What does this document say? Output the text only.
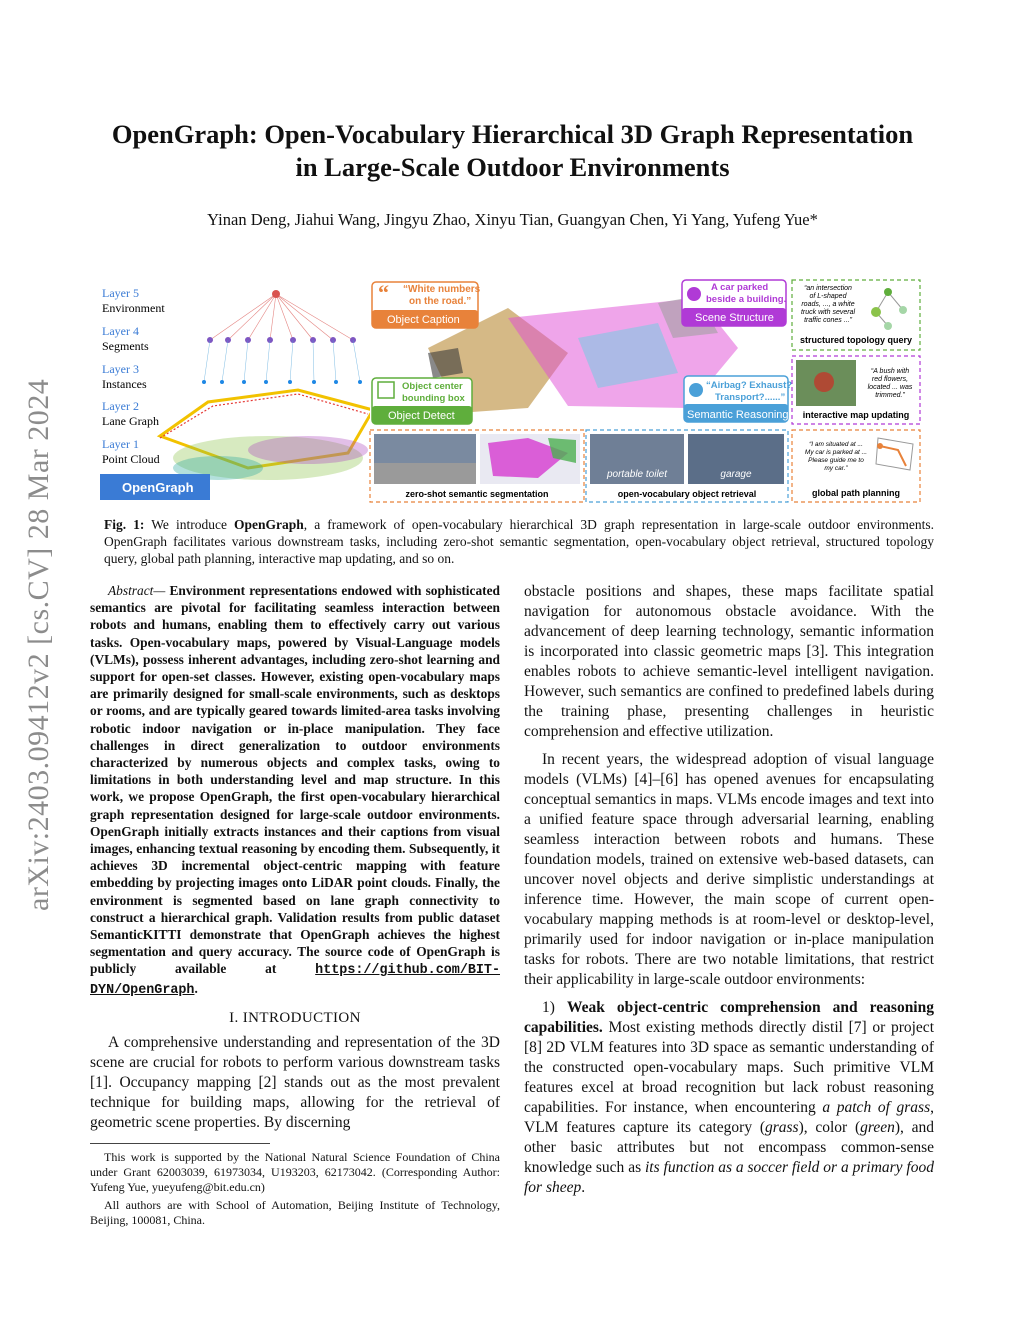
arXiv:2403.09412v2 [cs.CV] 28 Mar 2024
OpenGraph: Open-Vocabulary Hierarchical 3D Graph Representation
in Large-Scale Outdoor Environments
Yinan Deng, Jiahui Wang, Jingyu Zhao, Xinyu Tian, Guangyan Chen, Yi Yang, Yufeng Yue*
Layer 5
Environment
Layer 4
Segments
Layer 3
Instances
Layer 2
Lane Graph
Layer 1
Point Cloud
OpenGraph
“ “White numbers
on the road.”
Object Caption
Object center
bounding box
Object Detect
A car parked
beside a building.
Scene Structure
“Airbag? Exhaust?
Transport?......”
Semantic Reasoning
“an intersection
of L-shaped
roads, ..., a white
truck with several
traffic cones ...”
structured topology query
“A bush with
red flowers,
located ... was
trimmed.”
interactive map updating
“I am situated at ...
My car is parked at ...
Please guide me to
my car.”
global path planning
zero-shot semantic segmentation
portable toilet	garage
open-vocabulary object retrieval
Fig. 1: We introduce OpenGraph, a framework of open-vocabulary hierarchical 3D graph representation in large-scale outdoor environments. OpenGraph facilitates various downstream tasks, including zero-shot semantic segmentation, open-vocabulary object retrieval, structured topology query, global path planning, interactive map updating, and so on.

Abstract— Environment representations endowed with sophisticated semantics are pivotal for facilitating seamless interaction between robots and humans, enabling them to effectively carry out various tasks. Open-vocabulary maps, powered by Visual-Language models (VLMs), possess inherent advantages, including zero-shot learning and support for open-set classes. However, existing open-vocabulary maps are primarily designed for small-scale environments, such as desktops or rooms, and are typically geared towards limited-area tasks involving robotic indoor navigation or in-place manipulation. They face challenges in direct generalization to outdoor environments characterized by numerous objects and complex tasks, owing to limitations in both understanding level and map structure. In this work, we propose OpenGraph, the first open-vocabulary hierarchical graph representation designed for large-scale outdoor environments. OpenGraph initially extracts instances and their captions from visual images, enhancing textual reasoning by encoding them. Subsequently, it achieves 3D incremental object-centric mapping with feature embedding by projecting images onto LiDAR point clouds. Finally, the environment is segmented based on lane graph connectivity to construct a hierarchical graph. Validation results from public dataset SemanticKITTI demonstrate that OpenGraph achieves the highest segmentation and query accuracy. The source code of OpenGraph is publicly available at https://github.com/BIT-DYN/OpenGraph.

I. INTRODUCTION

A comprehensive understanding and representation of the 3D scene are crucial for robots to perform various downstream tasks [1]. Occupancy mapping [2] stands out as the most prevalent technique for building maps, allowing for the retrieval of geometric scene properties. By discerning

This work is supported by the National Natural Science Foundation of China under Grant 62003039, 61973034, U193203, 62173042. (Corresponding Author: Yufeng Yue, yueyufeng@bit.edu.cn)

All authors are with School of Automation, Beijing Institute of Technology, Beijing, 100081, China.

obstacle positions and shapes, these maps facilitate spatial navigation for autonomous obstacle avoidance. With the advancement of deep learning technology, semantic information is incorporated into classic geometric maps [3]. This integration enables robots to achieve semantic-level intelligent navigation. However, such semantics are confined to predefined labels during the training phase, presenting challenges in heuristic comprehension and effective utilization.

In recent years, the widespread adoption of visual language models (VLMs) [4]–[6] has opened avenues for encapsulating conceptual semantics in maps. VLMs encode images and text into a unified feature space through adversarial learning, enabling seamless interaction between robots and humans. These foundation models, trained on extensive web-based datasets, can uncover novel objects and derive simplistic understandings at inference time. However, the main scope of current open-vocabulary mapping methods is at room-level or desktop-level, primarily used for indoor navigation or in-place manipulation tasks for robots. There are two notable limitations, that restrict their applicability in large-scale outdoor environments:

1) Weak object-centric comprehension and reasoning capabilities. Most existing methods directly distil [7] or project [8] 2D VLM features into 3D space as semantic understanding of the constructed open-vocabulary maps. Such primitive VLM features excel at broad recognition but lack robust reasoning capabilities. For instance, when encountering a patch of grass, VLM features capture its category (grass), color (green), and other basic attributes but not encompass common-sense knowledge such as its function as a soccer field or a primary food for sheep.
